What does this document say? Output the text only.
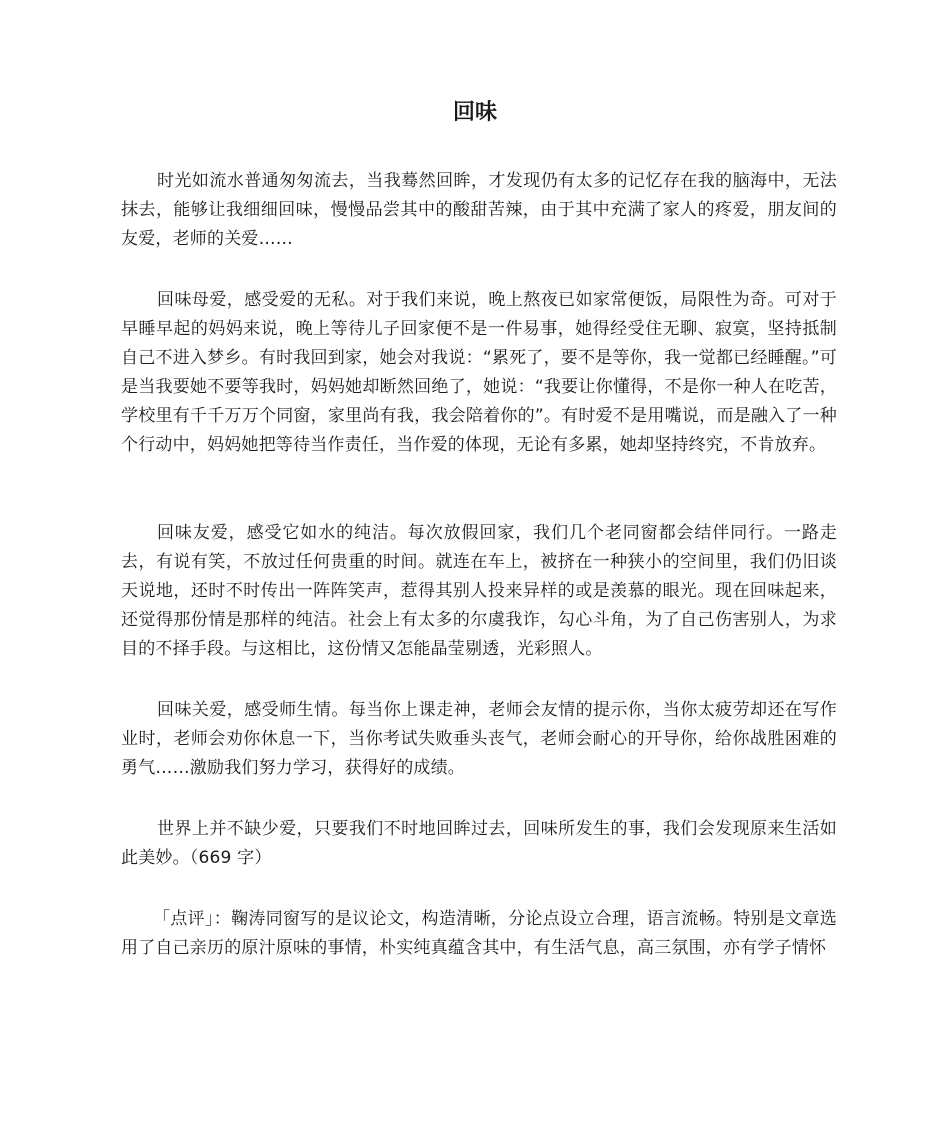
回味

时光如流水普通匆匆流去，当我蓦然回眸，才发现仍有太多的记忆存在我的脑海中，无法抹去，能够让我细细回味，慢慢品尝其中的酸甜苦辣，由于其中充满了家人的疼爱，朋友间的友爱，老师的关爱……

回味母爱，感受爱的无私。对于我们来说，晚上熬夜已如家常便饭，局限性为奇。可对于早睡早起的妈妈来说，晚上等待儿子回家便不是一件易事，她得经受住无聊、寂寞，坚持抵制自己不进入梦乡。有时我回到家，她会对我说：“累死了，要不是等你，我一觉都已经睡醒。”可是当我要她不要等我时，妈妈她却断然回绝了，她说：“我要让你懂得，不是你一种人在吃苦，学校里有千千万万个同窗，家里尚有我，我会陪着你的”。有时爱不是用嘴说，而是融入了一种个行动中，妈妈她把等待当作责任，当作爱的体现，无论有多累，她却坚持终究，不肯放弃。

回味友爱，感受它如水的纯洁。每次放假回家，我们几个老同窗都会结伴同行。一路走去，有说有笑，不放过任何贵重的时间。就连在车上，被挤在一种狭小的空间里，我们仍旧谈天说地，还时不时传出一阵阵笑声，惹得其别人投来异样的或是羡慕的眼光。现在回味起来，还觉得那份情是那样的纯洁。社会上有太多的尔虞我诈，勾心斗角，为了自己伤害别人，为求目的不择手段。与这相比，这份情又怎能晶莹剔透，光彩照人。

回味关爱，感受师生情。每当你上课走神，老师会友情的提示你，当你太疲劳却还在写作业时，老师会劝你休息一下，当你考试失败垂头丧气，老师会耐心的开导你，给你战胜困难的勇气……激励我们努力学习，获得好的成绩。

世界上并不缺少爱，只要我们不时地回眸过去，回味所发生的事，我们会发现原来生活如此美妙。（669 字）

「点评」：鞠涛同窗写的是议论文，构造清晰，分论点设立合理，语言流畅。特别是文章选用了自己亲历的原汁原味的事情，朴实纯真蕴含其中，有生活气息，高三氛围，亦有学子情怀
